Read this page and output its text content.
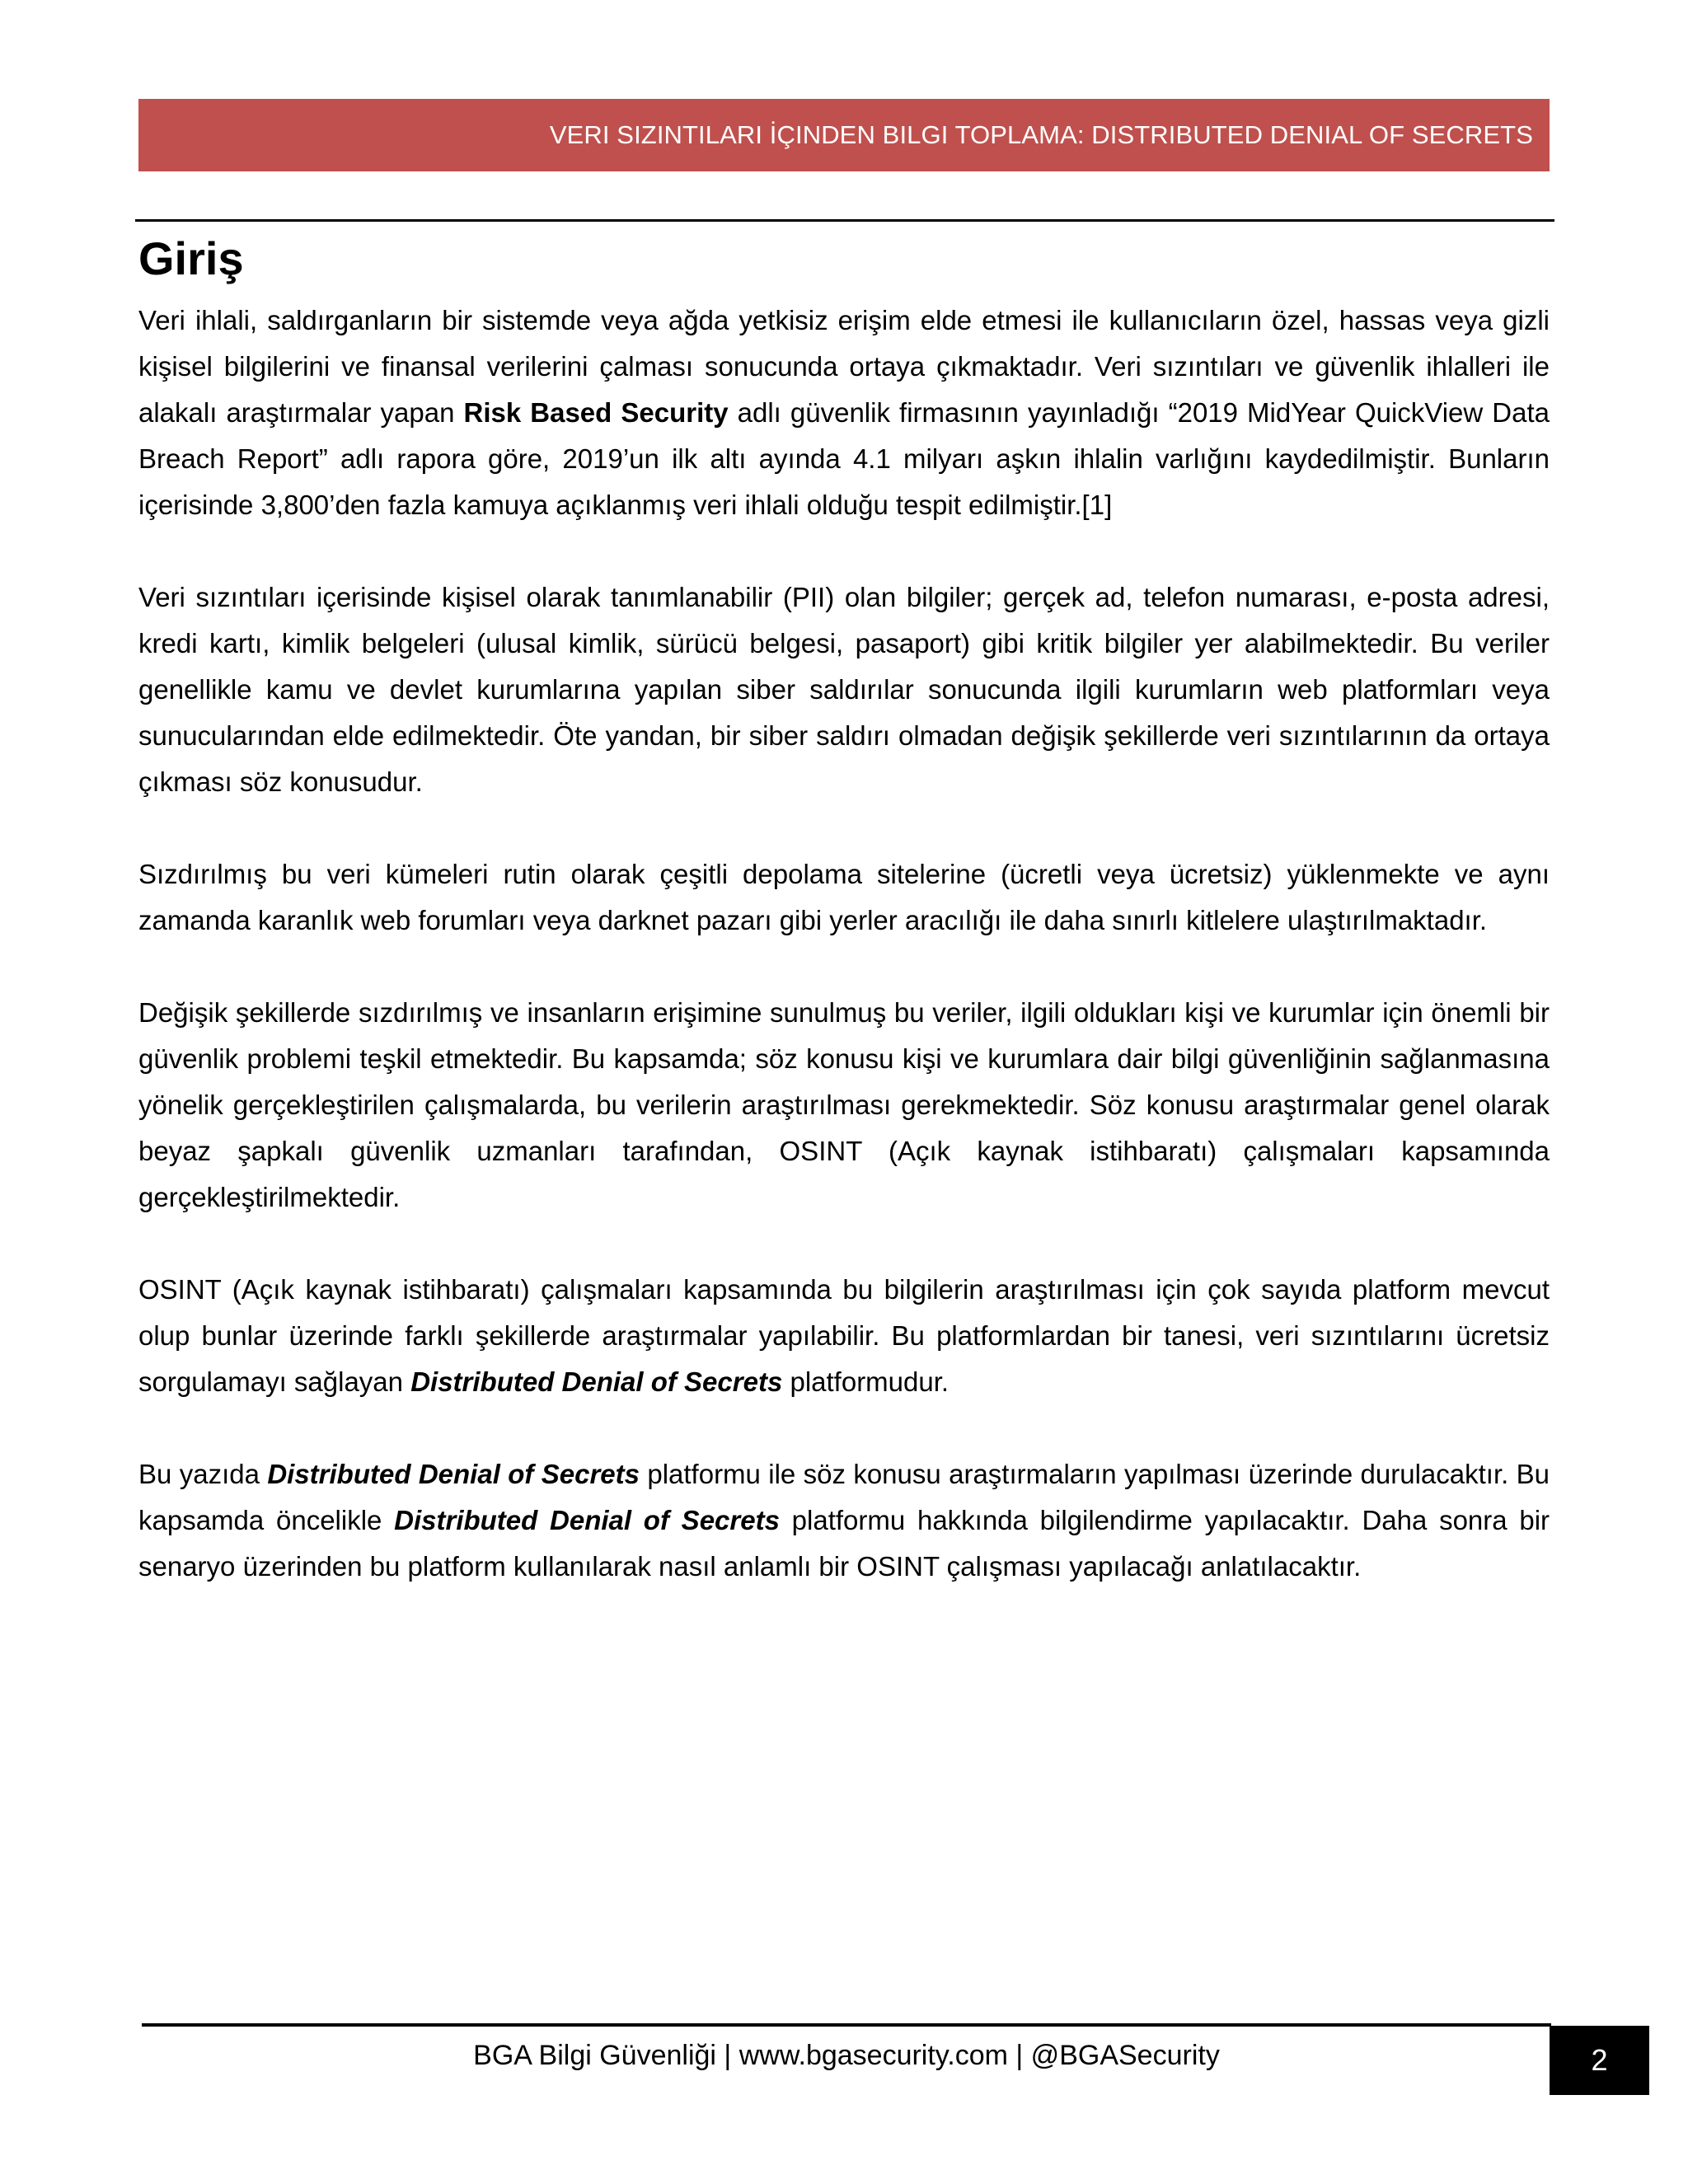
VERI SIZINTILARI İÇINDEN BILGI TOPLAMA: DISTRIBUTED DENIAL OF SECRETS
Giriş

Veri ihlali, saldırganların bir sistemde veya ağda yetkisiz erişim elde etmesi ile kullanıcıların özel, hassas veya gizli kişisel bilgilerini ve finansal verilerini çalması sonucunda ortaya çıkmaktadır. Veri sızıntıları ve güvenlik ihlalleri ile alakalı araştırmalar yapan Risk Based Security adlı güvenlik firmasının yayınladığı “2019 MidYear QuickView Data Breach Report” adlı rapora göre, 2019’un ilk altı ayında 4.1 milyarı aşkın ihlalin varlığını kaydedilmiştir. Bunların içerisinde 3,800’den fazla kamuya açıklanmış veri ihlali olduğu tespit edilmiştir.[1]

Veri sızıntıları içerisinde kişisel olarak tanımlanabilir (PII) olan bilgiler; gerçek ad, telefon numarası, e-posta adresi, kredi kartı, kimlik belgeleri (ulusal kimlik, sürücü belgesi, pasaport) gibi kritik bilgiler yer alabilmektedir. Bu veriler genellikle kamu ve devlet kurumlarına yapılan siber saldırılar sonucunda ilgili kurumların web platformları veya sunucularından elde edilmektedir. Öte yandan, bir siber saldırı olmadan değişik şekillerde veri sızıntılarının da ortaya çıkması söz konusudur.

Sızdırılmış bu veri kümeleri rutin olarak çeşitli depolama sitelerine (ücretli veya ücretsiz) yüklenmekte ve aynı zamanda karanlık web forumları veya darknet pazarı gibi yerler aracılığı ile daha sınırlı kitlelere ulaştırılmaktadır.

Değişik şekillerde sızdırılmış ve insanların erişimine sunulmuş bu veriler, ilgili oldukları kişi ve kurumlar için önemli bir güvenlik problemi teşkil etmektedir. Bu kapsamda; söz konusu kişi ve kurumlara dair bilgi güvenliğinin sağlanmasına yönelik gerçekleştirilen çalışmalarda, bu verilerin araştırılması gerekmektedir. Söz konusu araştırmalar genel olarak beyaz şapkalı güvenlik uzmanları tarafından, OSINT (Açık kaynak istihbaratı) çalışmaları kapsamında gerçekleştirilmektedir.

OSINT (Açık kaynak istihbaratı) çalışmaları kapsamında bu bilgilerin araştırılması için çok sayıda platform mevcut olup bunlar üzerinde farklı şekillerde araştırmalar yapılabilir. Bu platformlardan bir tanesi, veri sızıntılarını ücretsiz sorgulamayı sağlayan Distributed Denial of Secrets platformudur.

Bu yazıda Distributed Denial of Secrets platformu ile söz konusu araştırmaların yapılması üzerinde durulacaktır. Bu kapsamda öncelikle Distributed Denial of Secrets platformu hakkında bilgilendirme yapılacaktır. Daha sonra bir senaryo üzerinden bu platform kullanılarak nasıl anlamlı bir OSINT çalışması yapılacağı anlatılacaktır.

BGA Bilgi Güvenliği | www.bgasecurity.com | @BGASecurity	2
